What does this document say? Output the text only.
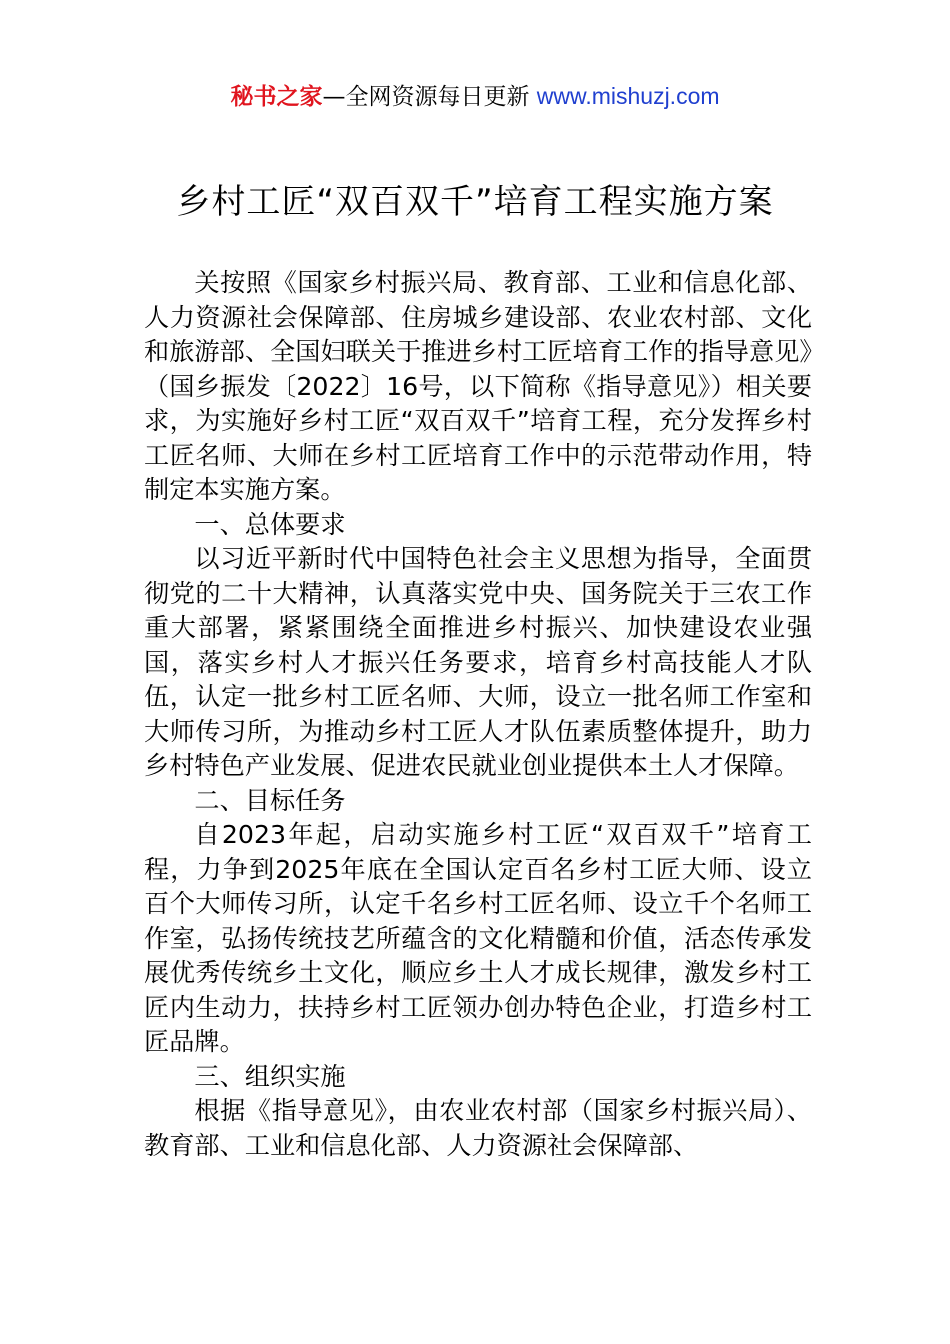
秘书之家—全网资源每日更新 www.mishuzj.com
乡村工匠“双百双千”培育工程实施方案

关按照《国家乡村振兴局、教育部、工业和信息化部、人力资源社会保障部、住房城乡建设部、农业农村部、文化和旅游部、全国妇联关于推进乡村工匠培育工作的指导意见》（国乡振发〔2022〕16号，以下简称《指导意见》）相关要求，为实施好乡村工匠“双百双千”培育工程，充分发挥乡村工匠名师、大师在乡村工匠培育工作中的示范带动作用，特制定本实施方案。

一、总体要求

以习近平新时代中国特色社会主义思想为指导，全面贯彻党的二十大精神，认真落实党中央、国务院关于三农工作重大部署，紧紧围绕全面推进乡村振兴、加快建设农业强国，落实乡村人才振兴任务要求，培育乡村高技能人才队伍，认定一批乡村工匠名师、大师，设立一批名师工作室和大师传习所，为推动乡村工匠人才队伍素质整体提升，助力乡村特色产业发展、促进农民就业创业提供本土人才保障。

二、目标任务

自2023年起，启动实施乡村工匠“双百双千”培育工程，力争到2025年底在全国认定百名乡村工匠大师、设立百个大师传习所，认定千名乡村工匠名师、设立千个名师工作室，弘扬传统技艺所蕴含的文化精髓和价值，活态传承发展优秀传统乡土文化，顺应乡土人才成长规律，激发乡村工匠内生动力，扶持乡村工匠领办创办特色企业，打造乡村工匠品牌。

三、组织实施

根据《指导意见》，由农业农村部（国家乡村振兴局）、教育部、工业和信息化部、人力资源社会保障部、
